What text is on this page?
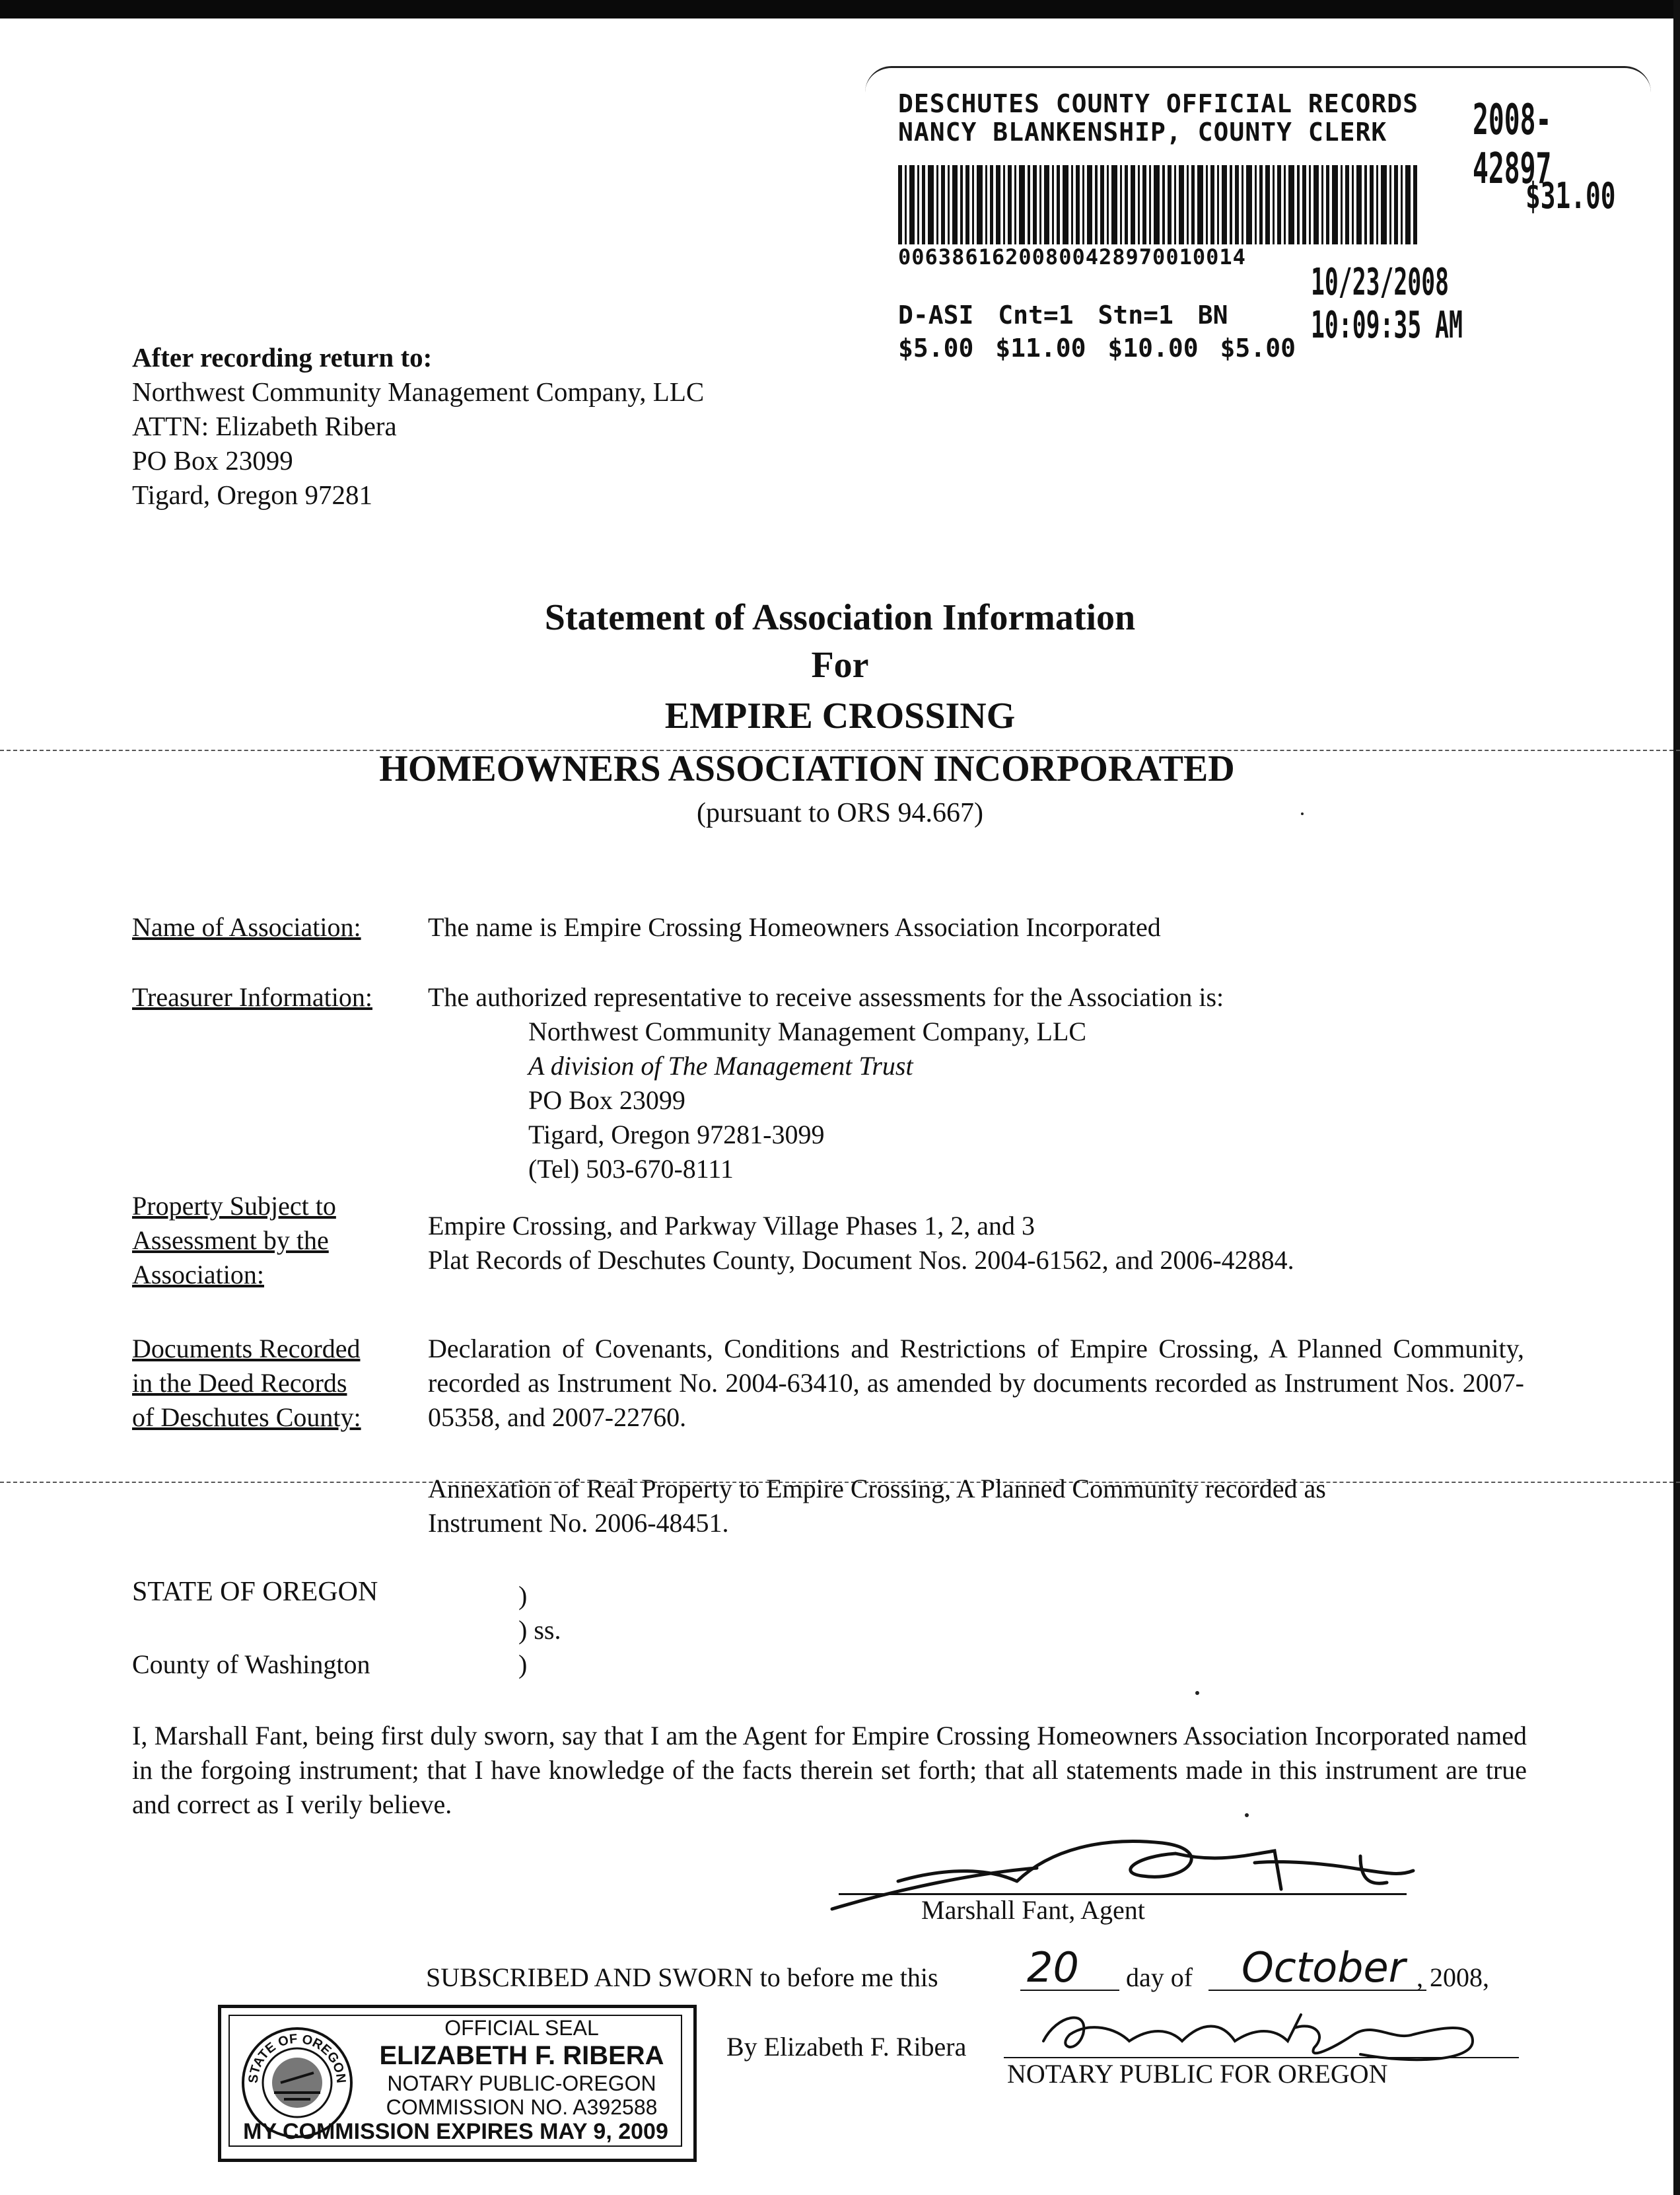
DESCHUTES COUNTY OFFICIAL RECORDS
NANCY BLANKENSHIP, COUNTY CLERK 2008-42897
$31.00
00638616200800428970010014
10/23/2008 10:09:35 AM
D-ASI Cnt=1 Stn=1 BN
$5.00 $11.00 $10.00 $5.00
After recording return to:
Northwest Community Management Company, LLC
ATTN: Elizabeth Ribera
PO Box 23099
Tigard, Oregon 97281
Statement of Association Information
For
EMPIRE CROSSING
HOMEOWNERS ASSOCIATION INCORPORATED
(pursuant to ORS 94.667)
Name of Association:	The name is Empire Crossing Homeowners Association Incorporated
Treasurer Information: The authorized representative to receive assessments for the Association is:
Northwest Community Management Company, LLC
A division of The Management Trust
PO Box 23099
Tigard, Oregon 97281-3099
(Tel) 503-670-8111
Property Subject to
Assessment by the
Association:
Empire Crossing, and Parkway Village Phases 1, 2, and 3
Plat Records of Deschutes County, Document Nos. 2004-61562, and 2006-42884.
Documents Recorded
in the Deed Records
of Deschutes County:
Declaration of Covenants, Conditions and Restrictions of Empire Crossing, A Planned Community, recorded as Instrument No. 2004-63410, as amended by documents recorded as Instrument Nos. 2007-05358, and 2007-22760.
Annexation of Real Property to Empire Crossing, A Planned Community recorded as
Instrument No. 2006-48451.
STATE OF OREGON
County of Washington
)
) ss.
)
I, Marshall Fant, being first duly sworn, say that I am the Agent for Empire Crossing Homeowners Association Incorporated named in the forgoing instrument; that I have knowledge of the facts therein set forth; that all statements made in this instrument are true and correct as I verily believe.
Marshall Fant, Agent
SUBSCRIBED AND SWORN to before me this 20 day of October , 2008,
By Elizabeth F. Ribera
NOTARY PUBLIC FOR OREGON
STATE OF OREGON
OFFICIAL SEAL
ELIZABETH F. RIBERA
NOTARY PUBLIC-OREGON
COMMISSION NO. A392588
MY COMMISSION EXPIRES MAY 9, 2009
